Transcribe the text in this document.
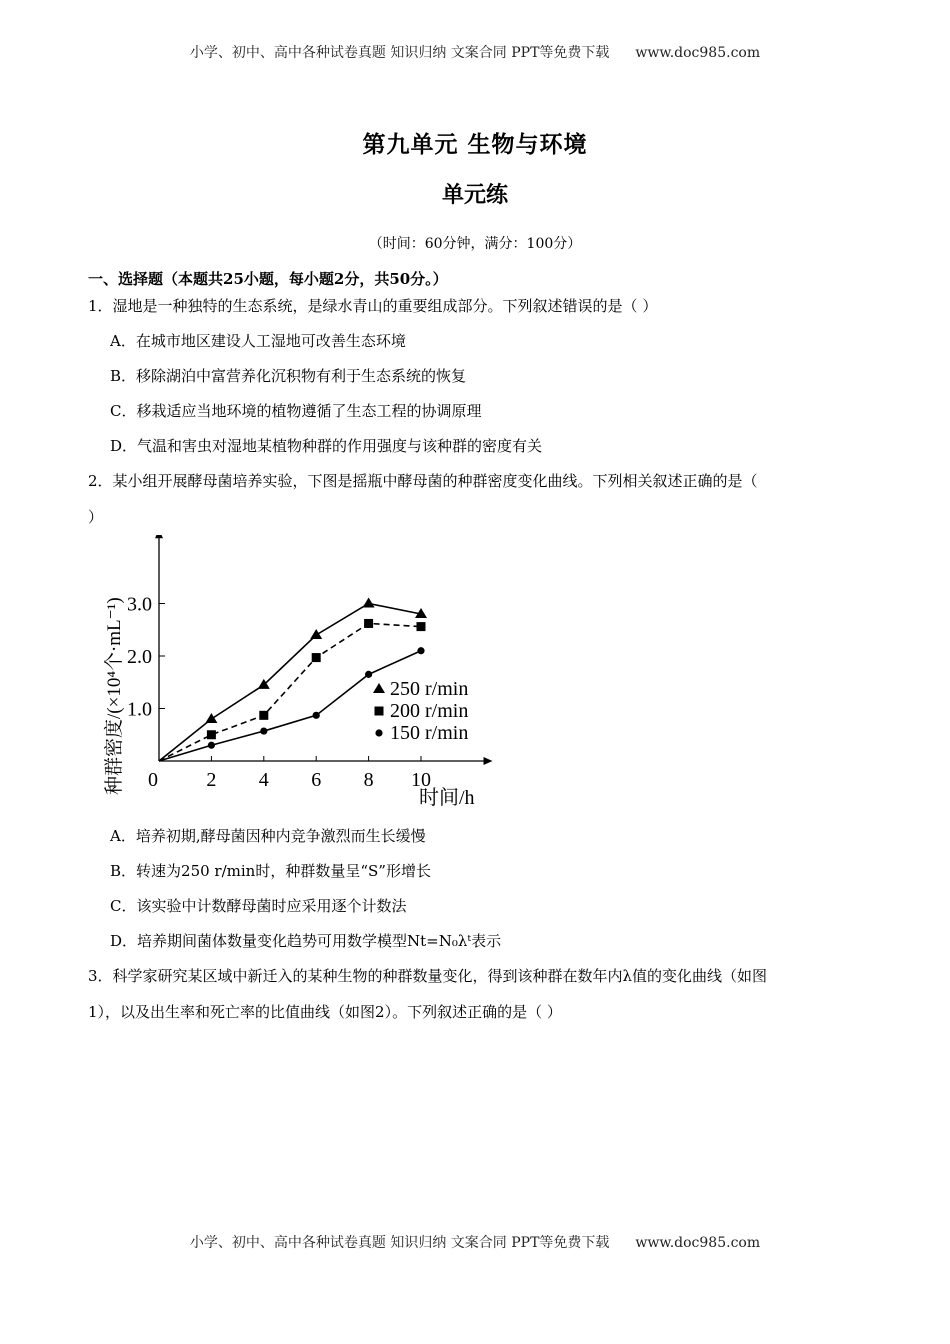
小学、初中、高中各种试卷真题 知识归纳 文案合同 PPT等免费下载 www.doc985.com
第九单元 生物与环境
单元练
（时间：60分钟，满分：100分）
一、选择题（本题共25小题，每小题2分，共50分。）
1．湿地是一种独特的生态系统，是绿水青山的重要组成部分。下列叙述错误的是（ ）
A．在城市地区建设人工湿地可改善生态环境
B．移除湖泊中富营养化沉积物有利于生态系统的恢复
C．移栽适应当地环境的植物遵循了生态工程的协调原理
D．气温和害虫对湿地某植物种群的作用强度与该种群的密度有关
2．某小组开展酵母菌培养实验，下图是摇瓶中酵母菌的种群密度变化曲线。下列相关叙述正确的是（
）
0 2 4 6 8 10
1.0
2.0
3.0
时间/h
种群密度/(×10⁴个·mL⁻¹)	250 r/min
200 r/min
150 r/min
A．培养初期,酵母菌因种内竞争激烈而生长缓慢
B．转速为250 r/min时，种群数量呈“S”形增长
C．该实验中计数酵母菌时应采用逐个计数法
D．培养期间菌体数量变化趋势可用数学模型Nt=N₀λᵗ表示
3．科学家研究某区域中新迁入的某种生物的种群数量变化，得到该种群在数年内λ值的变化曲线（如图
1），以及出生率和死亡率的比值曲线（如图2）。下列叙述正确的是（ ）
小学、初中、高中各种试卷真题 知识归纳 文案合同 PPT等免费下载 www.doc985.com
